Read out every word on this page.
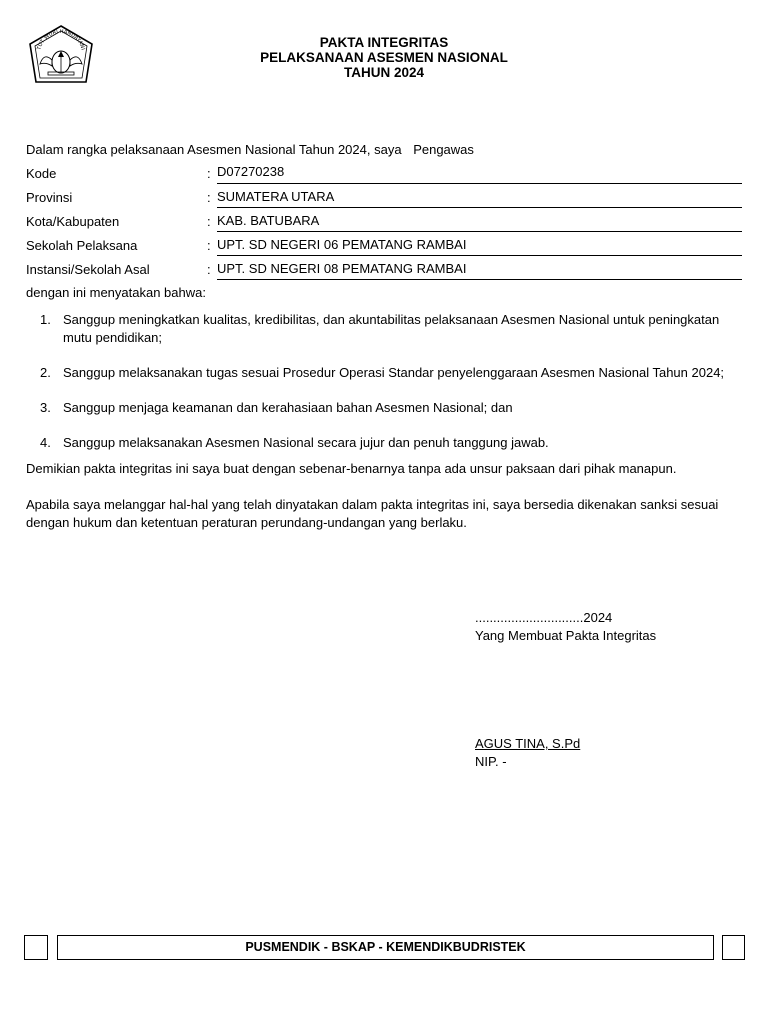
TUT WURI HANDAYANI	PAKTA INTEGRITAS
PELAKSANAAN ASESMEN NASIONAL
TAHUN 2024
Dalam rangka pelaksanaan Asesmen Nasional Tahun 2024, saya Pengawas
Kode	: D07270238
Provinsi	: SUMATERA UTARA
Kota/Kabupaten	: KAB. BATUBARA
Sekolah Pelaksana	: UPT. SD NEGERI 06 PEMATANG RAMBAI
Instansi/Sekolah Asal	: UPT. SD NEGERI 08 PEMATANG RAMBAI
dengan ini menyatakan bahwa:
1. Sanggup meningkatkan kualitas, kredibilitas, dan akuntabilitas pelaksanaan Asesmen Nasional untuk peningkatan mutu pendidikan;
2. Sanggup melaksanakan tugas sesuai Prosedur Operasi Standar penyelenggaraan Asesmen Nasional Tahun 2024;
3. Sanggup menjaga keamanan dan kerahasiaan bahan Asesmen Nasional; dan
4. Sanggup melaksanakan Asesmen Nasional secara jujur dan penuh tanggung jawab.
Demikian pakta integritas ini saya buat dengan sebenar-benarnya tanpa ada unsur paksaan dari pihak manapun.
Apabila saya melanggar hal-hal yang telah dinyatakan dalam pakta integritas ini, saya bersedia dikenakan sanksi sesuai dengan hukum dan ketentuan peraturan perundang-undangan yang berlaku.
..............................2024
Yang Membuat Pakta Integritas
AGUS TINA, S.Pd
NIP. -
PUSMENDIK - BSKAP - KEMENDIKBUDRISTEK
